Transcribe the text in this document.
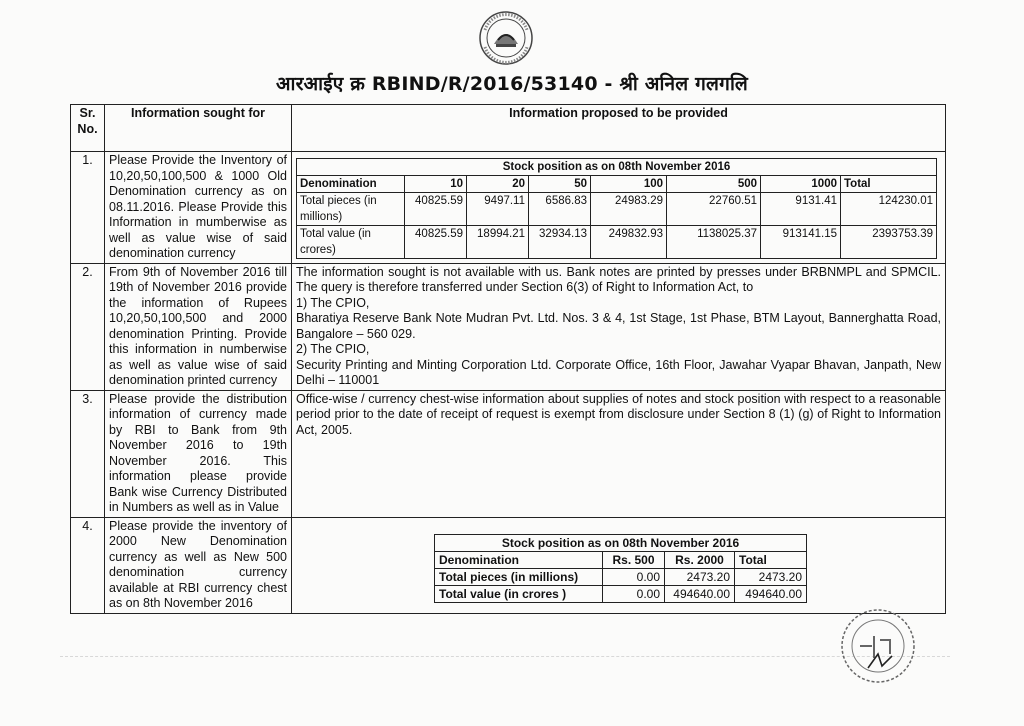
आरआईए क्र RBIND/R/2016/53140 - श्री अनिल गलगलि
Sr. No.	Information sought for	Information proposed to be provided
1.	Please Provide the Inventory of 10,20,50,100,500 & 1000 Old Denomination currency as on 08.11.2016. Please Provide this Information in mumberwise as well as value wise of said denomination currency	
Stock position as on 08th November 2016
Denomination	10	20	50	100	500	1000	Total
Total pieces (in millions)	40825.59	9497.11	6586.83	24983.29	22760.51	9131.41	124230.01
Total value (in crores)	40825.59	18994.21	32934.13	249832.93	1138025.37	913141.15	2393753.39

2.	From 9th of November 2016 till 19th of November 2016 provide the information of Rupees 10,20,50,100,500 and 2000 denomination Printing. Provide this information in numberwise as well as value wise of said denomination printed currency	

The information sought is not available with us. Bank notes are printed by presses under BRBNMPL and SPMCIL. The query is therefore transferred under Section 6(3) of Right to Information Act, to

1) The CPIO,

Bharatiya Reserve Bank Note Mudran Pvt. Ltd. Nos. 3 & 4, 1st Stage, 1st Phase, BTM Layout, Bannerghatta Road, Bangalore – 560 029.

2) The CPIO,

Security Printing and Minting Corporation Ltd. Corporate Office, 16th Floor, Jawahar Vyapar Bhavan, Janpath, New Delhi – 110001

3.	Please provide the distribution information of currency made by RBI to Bank from 9th November 2016 to 19th November 2016. This information please provide Bank wise Currency Distributed in Numbers as well as in Value	Office-wise / currency chest-wise information about supplies of notes and stock position with respect to a reasonable period prior to the date of receipt of request is exempt from disclosure under Section 8 (1) (g) of Right to Information Act, 2005.
4.	Please provide the inventory of 2000 New Denomination currency as well as New 500 denomination currency available at RBI currency chest as on 8th November 2016	
Stock position as on 08th November 2016
Denomination	Rs. 500	Rs. 2000	Total
Total pieces (in millions)	0.00	2473.20	2473.20
Total value (in crores )	0.00	494640.00	494640.00
